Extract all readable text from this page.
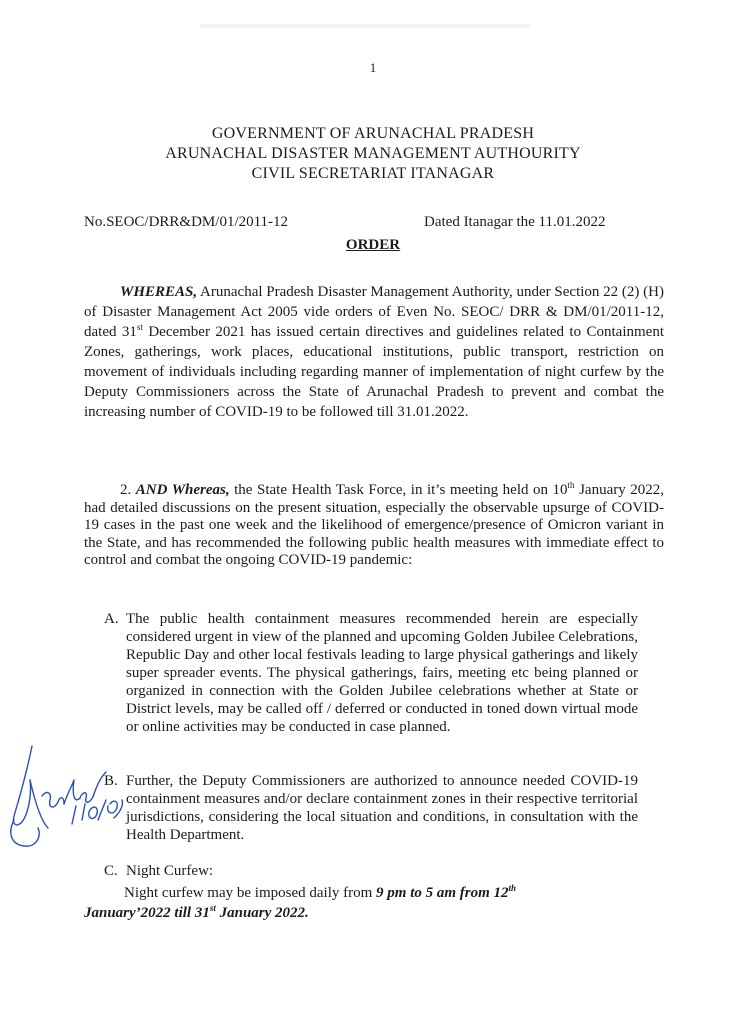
1
GOVERNMENT OF ARUNACHAL PRADESH
ARUNACHAL DISASTER MANAGEMENT AUTHOURITY
CIVIL SECRETARIAT ITANAGAR
No.SEOC/DRR&DM/01/2011-12	Dated Itanagar the 11.01.2022
ORDER

WHEREAS, Arunachal Pradesh Disaster Management Authority, under Section 22 (2) (H) of Disaster Management Act 2005 vide orders of Even No. SEOC/ DRR & DM/01/2011-12, dated 31st December 2021 has issued certain directives and guidelines related to Containment Zones, gatherings, work places, educational institutions, public transport, restriction on movement of individuals including regarding manner of implementation of night curfew by the Deputy Commissioners across the State of Arunachal Pradesh to prevent and combat the increasing number of COVID-19 to be followed till 31.01.2022.

2. AND Whereas, the State Health Task Force, in it’s meeting held on 10th January 2022, had detailed discussions on the present situation, especially the observable upsurge of COVID-19 cases in the past one week and the likelihood of emergence/presence of Omicron variant in the State, and has recommended the following public health measures with immediate effect to control and combat the ongoing COVID-19 pandemic:

A. The public health containment measures recommended herein are especially considered urgent in view of the planned and upcoming Golden Jubilee Celebrations, Republic Day and other local festivals leading to large physical gatherings and likely super spreader events. The physical gatherings, fairs, meeting etc being planned or organized in connection with the Golden Jubilee celebrations whether at State or District levels, may be called off / deferred or conducted in toned down virtual mode or online activities may be conducted in case planned.
B. Further, the Deputy Commissioners are authorized to announce needed COVID-19 containment measures and/or declare containment zones in their respective territorial jurisdictions, considering the local situation and conditions, in consultation with the Health Department.
C. Night Curfew:
Night curfew may be imposed daily from 9 pm to 5 am from 12th
January’2022 till 31st January 2022.
